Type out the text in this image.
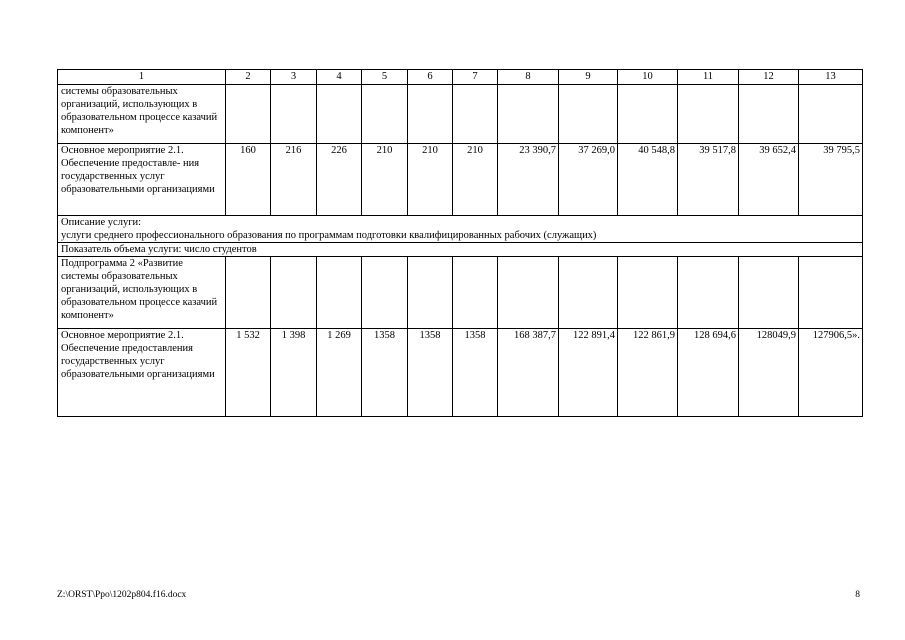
1	2	3	4	5	6	7	8	9	10	11	12	13
системы образовательных организаций, использующих в образовательном процессе казачий компонент»												
Основное мероприятие 2.1. Обеспечение предоставле- ния государственных услуг образовательными организациями	160	216	226	210	210	210	23 390,7	37 269,0	40 548,8	39 517,8	39 652,4	39 795,5

Описание услуги:
услуги среднего профессионального образования по программам подготовки квалифицированных рабочих (служащих)												

Показатель объема услуги: число студентов												
Подпрограмма 2 «Развитие системы образовательных организаций, использующих в образовательном процессе казачий компонент»												
Основное мероприятие 2.1. Обеспечение предоставления государственных услуг образовательными организациями	1 532	1 398	1 269	1358	1358	1358	168 387,7	122 891,4	122 861,9	128 694,6	128049,9	127906,5».
Z:\ORST\Ppo\1202p804.f16.docx	8
